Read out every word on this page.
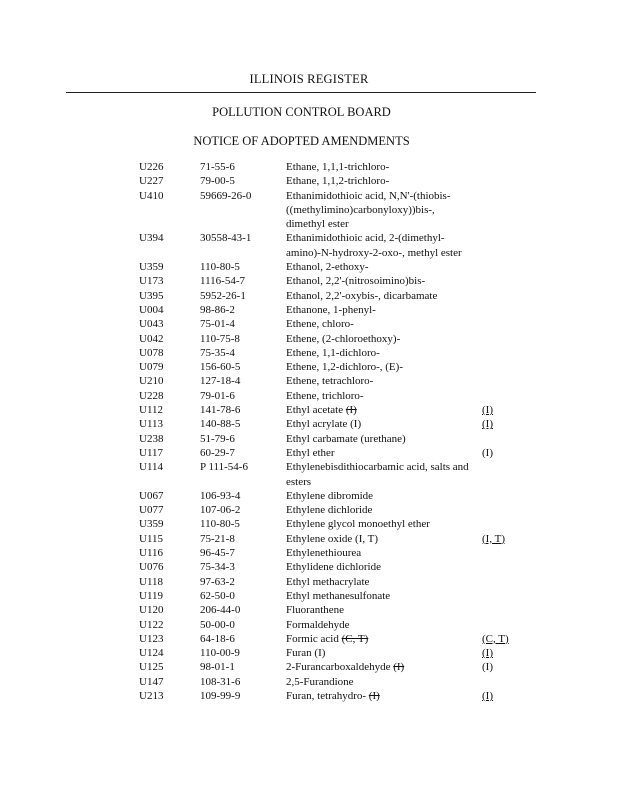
ILLINOIS REGISTER
POLLUTION CONTROL BOARD
NOTICE OF ADOPTED AMENDMENTS
U226	71-55-6	Ethane, 1,1,1-trichloro-
U227	79-00-5	Ethane, 1,1,2-trichloro-
U410	59669-26-0	Ethanimidothioic acid, N,N'-(thiobis-((methylimino)carbonyloxy))bis-, dimethyl ester
U394	30558-43-1	Ethanimidothioic acid, 2-(dimethyl-amino)-N-hydroxy-2-oxo-, methyl ester
U359	110-80-5	Ethanol, 2-ethoxy-
U173	1116-54-7	Ethanol, 2,2'-(nitrosoimino)bis-
U395	5952-26-1	Ethanol, 2,2'-oxybis-, dicarbamate
U004	98-86-2	Ethanone, 1-phenyl-
U043	75-01-4	Ethene, chloro-
U042	110-75-8	Ethene, (2-chloroethoxy)-
U078	75-35-4	Ethene, 1,1-dichloro-
U079	156-60-5	Ethene, 1,2-dichloro-, (E)-
U210	127-18-4	Ethene, tetrachloro-
U228	79-01-6	Ethene, trichloro-
U112	141-78-6	Ethyl acetate (I)	(I)
U113	140-88-5	Ethyl acrylate (I)	(I)
U238	51-79-6	Ethyl carbamate (urethane)
U117	60-29-7	Ethyl ether	(I)
U114	P 111-54-6	Ethylenebisdithiocarbamic acid, salts and esters
U067	106-93-4	Ethylene dibromide
U077	107-06-2	Ethylene dichloride
U359	110-80-5	Ethylene glycol monoethyl ether
U115	75-21-8	Ethylene oxide (I, T)	(I, T)
U116	96-45-7	Ethylenethiourea
U076	75-34-3	Ethylidene dichloride
U118	97-63-2	Ethyl methacrylate
U119	62-50-0	Ethyl methanesulfonate
U120	206-44-0	Fluoranthene
U122	50-00-0	Formaldehyde
U123	64-18-6	Formic acid (C, T)	(C, T)
U124	110-00-9	Furan (I)	(I)
U125	98-01-1	2-Furancarboxaldehyde (I)	(I)
U147	108-31-6	2,5-Furandione
U213	109-99-9	Furan, tetrahydro- (I)	(I)
